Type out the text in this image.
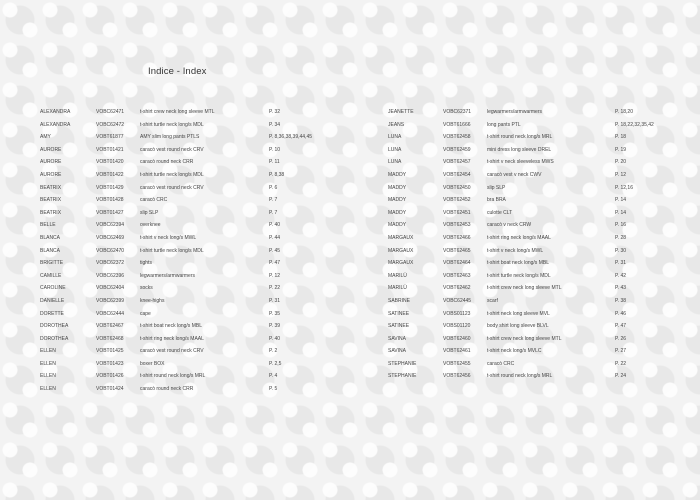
Indice - Index
ALEXANDRA	VOBC62471	t-shirt crew neck long sleeve MTL	P. 32
ALEXANDRA	VOBC62472	t-shirt turtle neck long/s MDL	P. 34
AMY	VOBT61877	AMY slim long pants PTLS	P. 8,36,38,39,44,45
AURORE	VOBT01421	caracò vest round neck CRV	P. 10
AURORE	VOBT01420	caracò round neck CRR	P. 11
AURORE	VOBT01422	t-shirt turtle neck long/s MDL	P. 8,38
BEATRIX	VOBT01429	caracò vest round neck CRV	P. 6
BEATRIX	VOBT01428	caracò CRC	P. 7
BEATRIX	VOBT01427	slip SLP	P. 7
BELLE	VOBC62394	overknee	P. 40
BLANCA	VOBC62469	t-shirt v neck long/s MWL	P. 44
BLANCA	VOBC62470	t-shirt turtle neck long/s MDL	P. 45
BRIGITTE	VOBC62372	tights	P. 47
CAMILLE	VOBC62396	legwarmers/armwarmers	P. 12
CAROLINE	VOBC62404	socks	P. 22
DANIELLE	VOBC62399	knee-highs	P. 31
DORETTE	VOBC62444	cape	P. 35
DOROTHEA	VOBT62467	t-shirt boat neck long/s MBL	P. 39
DOROTHEA	VOBT62468	t-shirt ring neck long/s MAAL	P. 40
ELLEN	VOBT01425	caracò vest round neck CRV	P. 2
ELLEN	VOBT01423	boxer BOX	P. 2,5
ELLEN	VOBT01426	t-shirt round neck long/s MRL	P. 4
ELLEN	VOBT01424	caracò round neck CRR	P. 5
JEANETTE	VOBC62371	legwarmers/armwarmers	P. 18,20
JEANS	VOBT61666	long pants PTL	P. 18,22,32,35,42
LUNA	VOBT62458	t-shirt round neck long/s MRL	P. 18
LUNA	VOBT62459	mini dress long sleeve DREL	P. 19
LUNA	VOBT62457	t-shirt v neck sleeveless MWS	P. 20
MADDY	VOBT62454	caracò vest v neck CWV	P. 12
MADDY	VOBT62450	slip SLP	P. 12,16
MADDY	VOBT62452	bra BRA	P. 14
MADDY	VOBT62451	culotte CLT	P. 14
MADDY	VOBT62453	caracò v neck CRW	P. 16
MARGAUX	VOBT62466	t-shirt ring neck long/s MAAL	P. 28
MARGAUX	VOBT62465	t-shirt v neck long/s MWL	P. 30
MARGAUX	VOBT62464	t-shirt boat neck long/s MBL	P. 31
MARILÙ	VOBT62463	t-shirt turtle neck long/s MDL	P. 42
MARILÙ	VOBT62462	t-shirt crew neck long sleeve MTL	P. 43
SABRINE	VOBC62445	scarf	P. 38
SATINEE	VOBS01123	t-shirt neck long sleeve MVL	P. 46
SATINEE	VOBS01120	body shirt long sleeve BLVL	P. 47
SAVINA	VOBT62460	t-shirt crew neck long sleeve MTL	P. 26
SAVINA	VOBT62461	t-shirt neck long/s MVLC	P. 27
STEPHANIE	VOBT62455	caracò CRC	P. 22
STEPHANIE	VOBT62456	t-shirt round neck long/s MRL	P. 24
